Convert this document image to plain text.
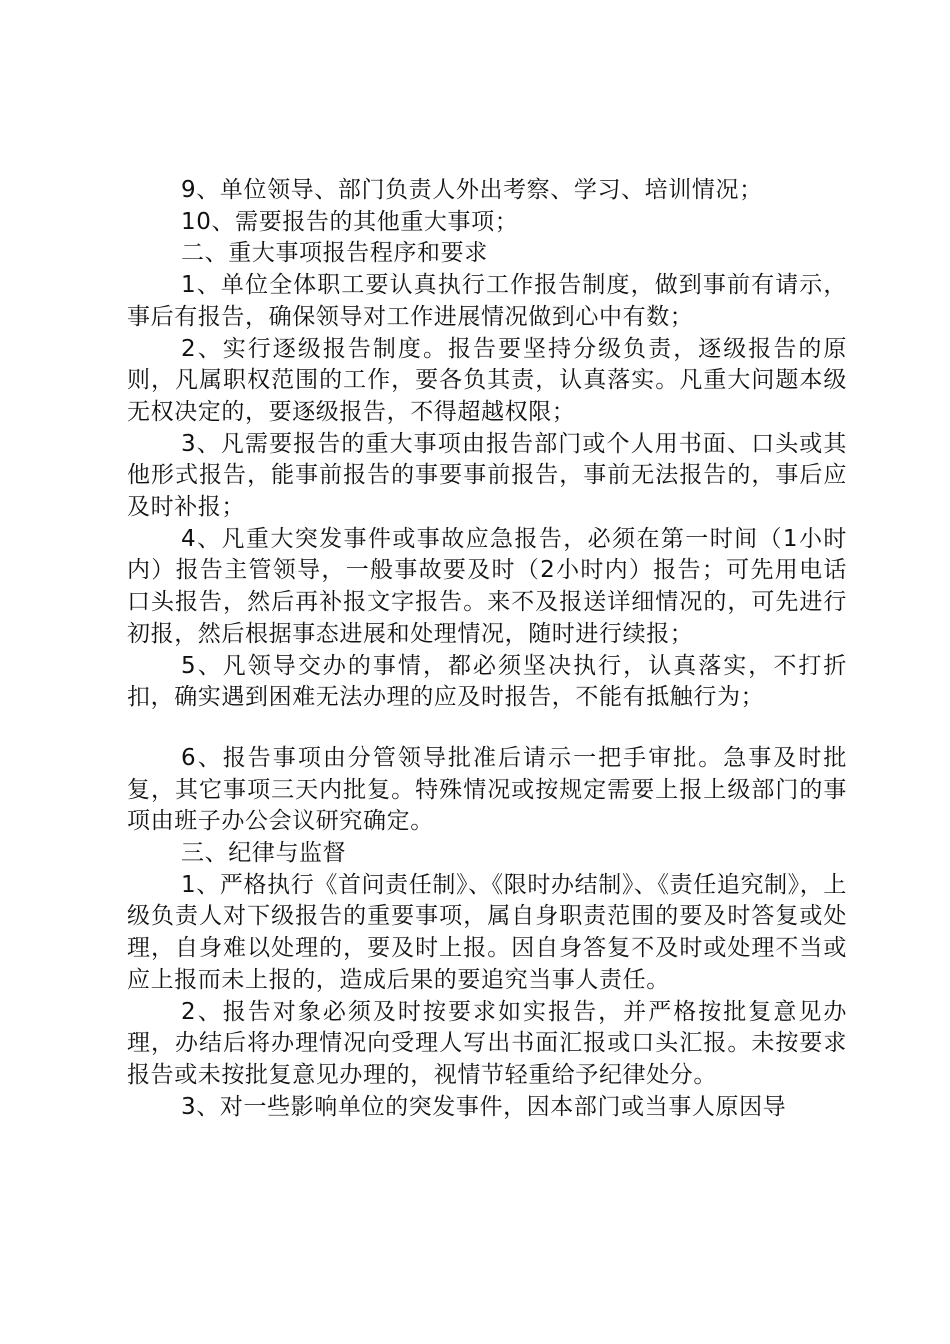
9、单位领导、部门负责人外出考察、学习、培训情况；

10、需要报告的其他重大事项；

二、重大事项报告程序和要求

1、单位全体职工要认真执行工作报告制度，做到事前有请示，事后有报告，确保领导对工作进展情况做到心中有数；

2、实行逐级报告制度。报告要坚持分级负责，逐级报告的原则，凡属职权范围的工作，要各负其责，认真落实。凡重大问题本级无权决定的，要逐级报告，不得超越权限；

3、凡需要报告的重大事项由报告部门或个人用书面、口头或其他形式报告，能事前报告的事要事前报告，事前无法报告的，事后应及时补报；

4、凡重大突发事件或事故应急报告，必须在第一时间（1小时内）报告主管领导，一般事故要及时（2小时内）报告；可先用电话口头报告，然后再补报文字报告。来不及报送详细情况的，可先进行初报，然后根据事态进展和处理情况，随时进行续报；

5、凡领导交办的事情，都必须坚决执行，认真落实，不打折扣，确实遇到困难无法办理的应及时报告，不能有抵触行为；

6、报告事项由分管领导批准后请示一把手审批。急事及时批复，其它事项三天内批复。特殊情况或按规定需要上报上级部门的事项由班子办公会议研究确定。

三、纪律与监督

1、严格执行《首问责任制》、《限时办结制》、《责任追究制》，上级负责人对下级报告的重要事项，属自身职责范围的要及时答复或处理，自身难以处理的，要及时上报。因自身答复不及时或处理不当或应上报而未上报的，造成后果的要追究当事人责任。

2、报告对象必须及时按要求如实报告，并严格按批复意见办理，办结后将办理情况向受理人写出书面汇报或口头汇报。未按要求报告或未按批复意见办理的，视情节轻重给予纪律处分。

3、对一些影响单位的突发事件，因本部门或当事人原因导
